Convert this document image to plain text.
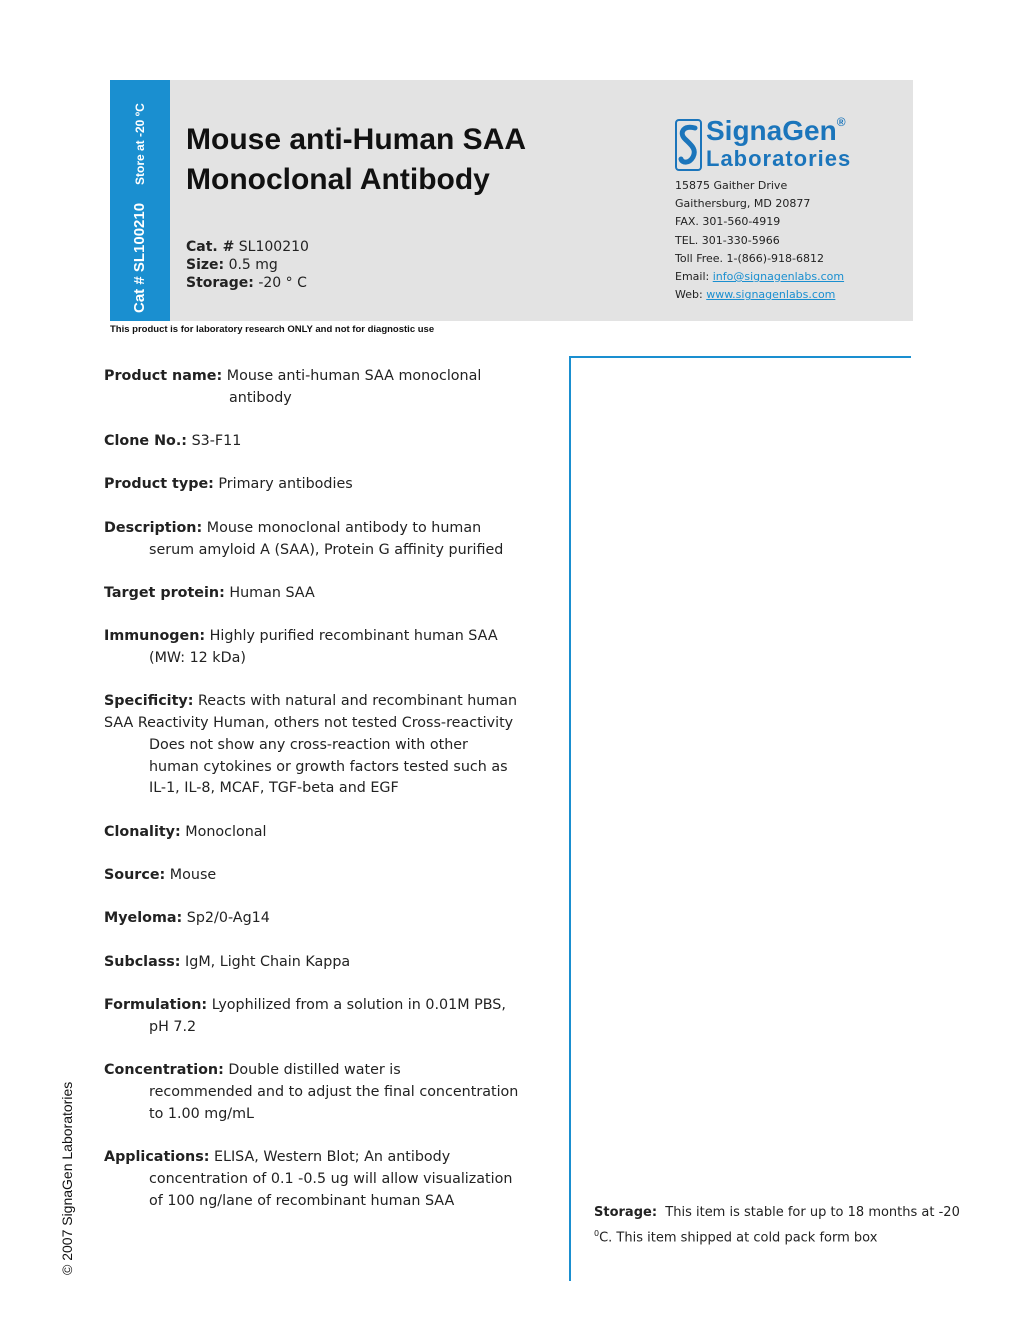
Store at -20 ºC
Cat # SL100210
Mouse anti-Human SAA
Monoclonal Antibody
Cat. # SL100210
Size: 0.5 mg
Storage: -20 ° C
SignaGen®
Laboratories
15875 Gaither Drive
Gaithersburg, MD 20877
FAX. 301-560-4919
TEL. 301-330-5966
Toll Free. 1-(866)-918-6812
Email: info@signagenlabs.com
Web: www.signagenlabs.com
This product is for laboratory research ONLY and not for diagnostic use
Product name: Mouse anti-human SAA monoclonal
antibody
Clone No.: S3-F11
Product type: Primary antibodies
Description: Mouse monoclonal antibody to human
serum amyloid A (SAA), Protein G affinity purified
Target protein: Human SAA
Immunogen: Highly purified recombinant human SAA
(MW: 12 kDa)
Specificity: Reacts with natural and recombinant human
SAA Reactivity Human, others not tested Cross-reactivity
Does not show any cross-reaction with other
human cytokines or growth factors tested such as
IL-1, IL-8, MCAF, TGF-beta and EGF
Clonality: Monoclonal
Source: Mouse
Myeloma: Sp2/0-Ag14
Subclass: IgM, Light Chain Kappa
Formulation: Lyophilized from a solution in 0.01M PBS,
pH 7.2
Concentration: Double distilled water is
recommended and to adjust the final concentration
to 1.00 mg/mL
Applications: ELISA, Western Blot; An antibody
concentration of 0.1 -0.5 ug will allow visualization
of 100 ng/lane of recombinant human SAA
Storage: This item is stable for up to 18 months at -20
$^0$C. This item shipped at cold pack form box
© 2007 SignaGen Laboratories
